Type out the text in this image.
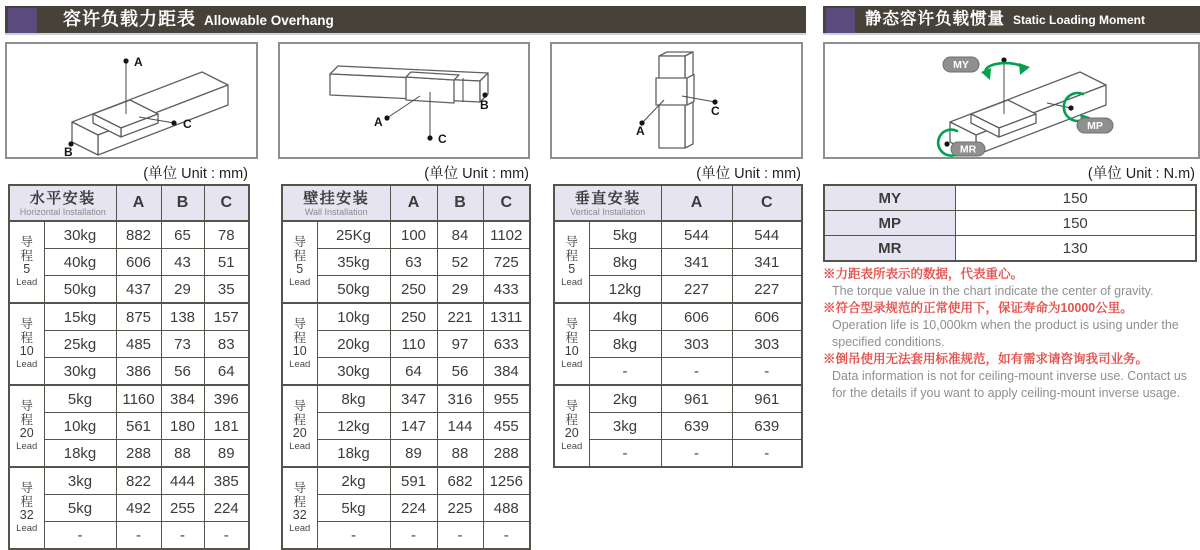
容许负载力距表 Allowable Overhang	静态容许负载惯量 Static Loading Moment
A
C
B
A
C
B
A
C
MY
MP
MR
(单位 Unit : mm)	(单位 Unit : mm)	(单位 Unit : mm)	(单位 Unit : N.m)
水平安装
Horizontal Installation		A	B	C

导程
5
Lead	30kg	882	65	78
	40kg	606	43	51
	50kg	437	29	35

导程
10
Lead	15kg	875	138	157
	25kg	485	73	83
	30kg	386	56	64

导程
20
Lead	5kg	1160	384	396
	10kg	561	180	181
	18kg	288	88	89

导程
32
Lead	3kg	822	444	385
	5kg	492	255	224
	-	-	-	-
壁挂安装
Wall Installation		A	B	C

导程
5
Lead	25Kg	100	84	1102
	35kg	63	52	725
	50kg	250	29	433

导程
10
Lead	10kg	250	221	1311
	20kg	110	97	633
	30kg	64	56	384

导程
20
Lead	8kg	347	316	955
	12kg	147	144	455
	18kg	89	88	288

导程
32
Lead	2kg	591	682	1256
	5kg	224	225	488
	-	-	-	-
垂直安装
Vertical Installation		A	C

导程
5
Lead	5kg	544	544
	8kg	341	341
	12kg	227	227

导程
10
Lead	4kg	606	606
	8kg	303	303
	-	-	-

导程
20
Lead	2kg	961	961
	3kg	639	639
	-	-	-
MY	150
MP	150
MR	130
※力距表所表示的数据，代表重心。
The torque value in the chart indicate the center of gravity.
※符合型录规范的正常使用下，保证寿命为10000公里。
Operation life is 10,000km when the product is using under the specified conditions.
※倒吊使用无法套用标准规范，如有需求请咨询我司业务。
Data information is not for ceiling-mount inverse use. Contact us for the details if you want to apply ceiling-mount inverse usage.
